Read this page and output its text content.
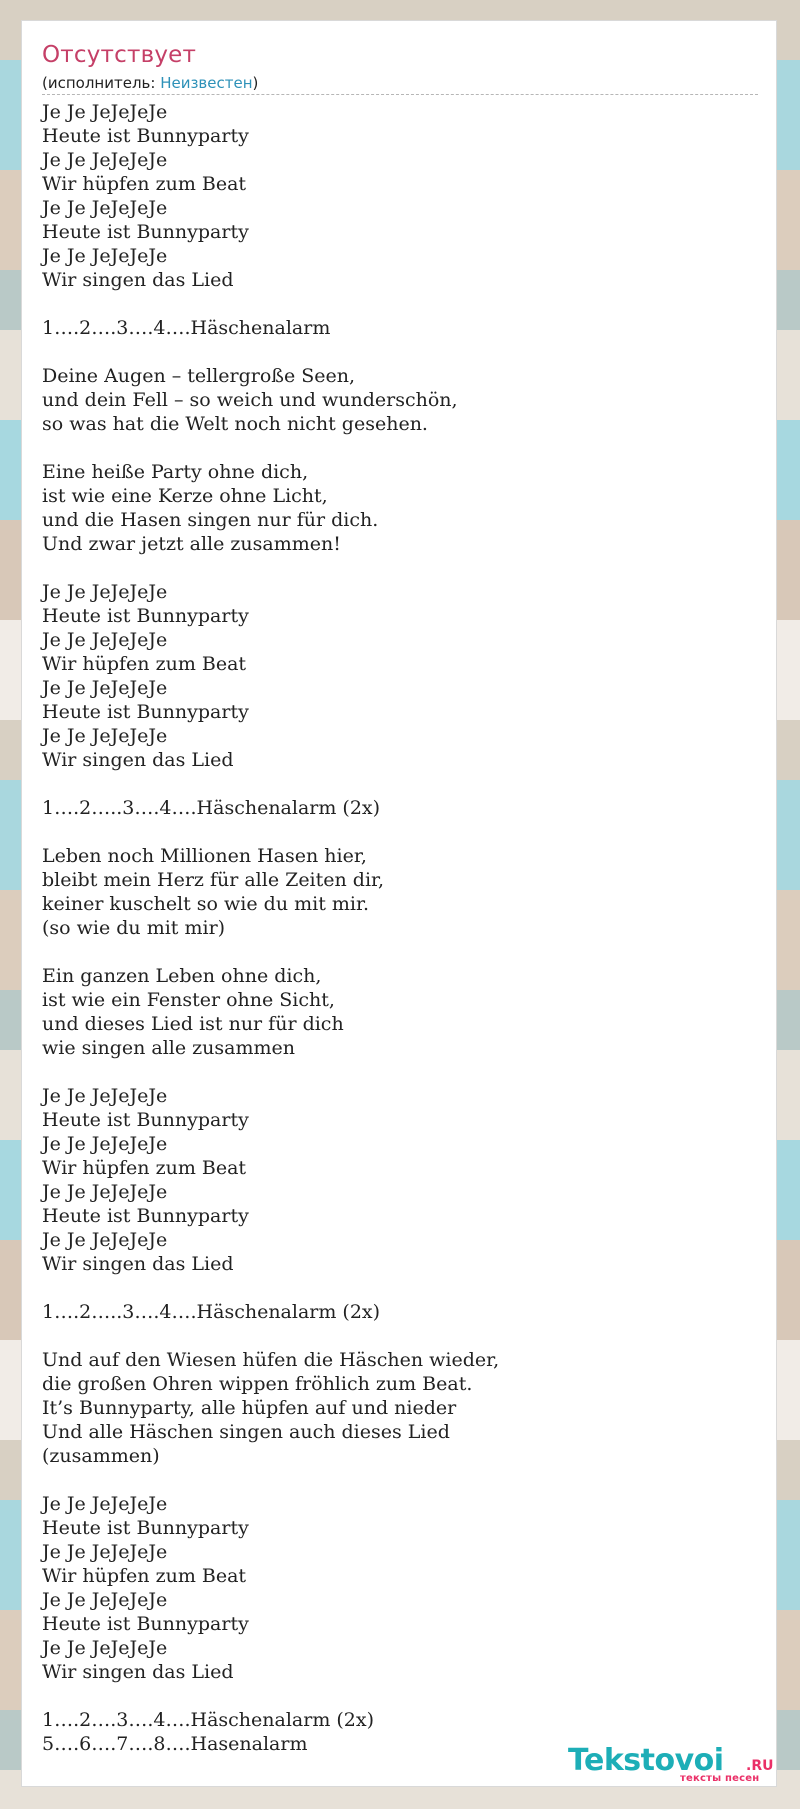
Отсутствует
(исполнитель: Неизвестен)
Je Je JeJeJeJe
Heute ist Bunnyparty
Je Je JeJeJeJe
Wir hüpfen zum Beat
Je Je JeJeJeJe
Heute ist Bunnyparty
Je Je JeJeJeJe
Wir singen das Lied
1….2….3….4….Häschenalarm
Deine Augen – tellergroße Seen,
und dein Fell – so weich und wunderschön,
so was hat die Welt noch nicht gesehen.
Eine heiße Party ohne dich,
ist wie eine Kerze ohne Licht,
und die Hasen singen nur für dich.
Und zwar jetzt alle zusammen!
Je Je JeJeJeJe
Heute ist Bunnyparty
Je Je JeJeJeJe
Wir hüpfen zum Beat
Je Je JeJeJeJe
Heute ist Bunnyparty
Je Je JeJeJeJe
Wir singen das Lied
1….2…..3….4….Häschenalarm (2x)
Leben noch Millionen Hasen hier,
bleibt mein Herz für alle Zeiten dir,
keiner kuschelt so wie du mit mir.
(so wie du mit mir)
Ein ganzen Leben ohne dich,
ist wie ein Fenster ohne Sicht,
und dieses Lied ist nur für dich
wie singen alle zusammen
Je Je JeJeJeJe
Heute ist Bunnyparty
Je Je JeJeJeJe
Wir hüpfen zum Beat
Je Je JeJeJeJe
Heute ist Bunnyparty
Je Je JeJeJeJe
Wir singen das Lied
1….2…..3….4….Häschenalarm (2x)
Und auf den Wiesen hüfen die Häschen wieder,
die großen Ohren wippen fröhlich zum Beat.
It’s Bunnyparty, alle hüpfen auf und nieder
Und alle Häschen singen auch dieses Lied
(zusammen)
Je Je JeJeJeJe
Heute ist Bunnyparty
Je Je JeJeJeJe
Wir hüpfen zum Beat
Je Je JeJeJeJe
Heute ist Bunnyparty
Je Je JeJeJeJe
Wir singen das Lied
1….2….3….4….Häschenalarm (2x)
5….6….7….8….Hasenalarm	Tekstovoi .RU
тексты песен
